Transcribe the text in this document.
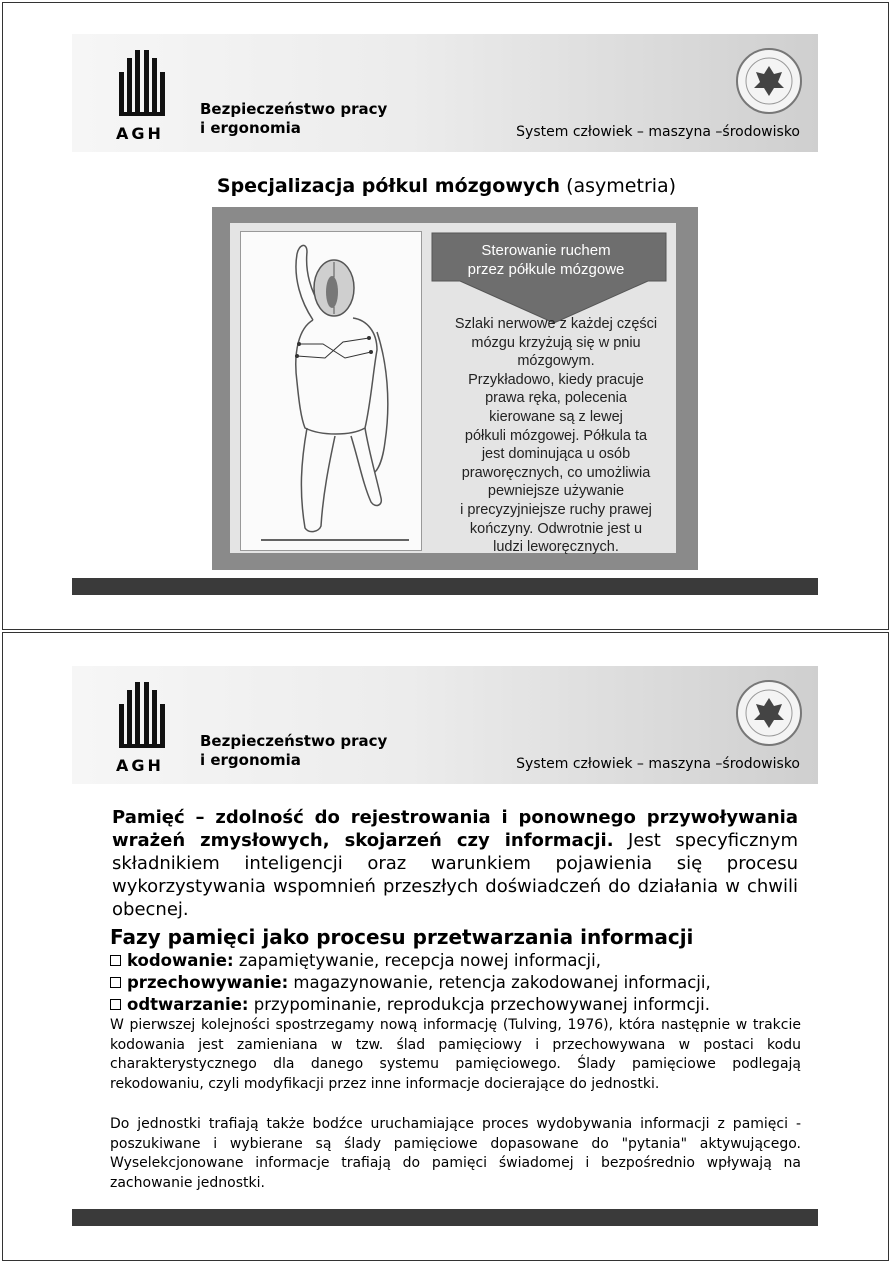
AGH
Bezpieczeństwo pracy
i ergonomia	System człowiek – maszyna –środowisko
Specjalizacja półkul mózgowych (asymetria)
Sterowanie ruchem przez półkule mózgowe
Szlaki nerwowe z każdej części
mózgu krzyżują się w pniu
mózgowym.
Przykładowo, kiedy pracuje
prawa ręka, polecenia
kierowane są z lewej
półkuli mózgowej. Półkula ta
jest dominująca u osób
praworęcznych, co umożliwia
pewniejsze używanie
i precyzyjniejsze ruchy prawej
kończyny. Odwrotnie jest u
ludzi leworęcznych.
AGH
Bezpieczeństwo pracy
i ergonomia	System człowiek – maszyna –środowisko
Pamięć – zdolność do rejestrowania i ponownego przywoływania wrażeń zmysłowych, skojarzeń czy informacji. Jest specyficznym składnikiem inteligencji oraz warunkiem pojawienia się procesu wykorzystywania wspomnień przeszłych doświadczeń do działania w chwili obecnej.
Fazy pamięci jako procesu przetwarzania informacji
kodowanie: zapamiętywanie, recepcja nowej informacji,
przechowywanie: magazynowanie, retencja zakodowanej informacji,
odtwarzanie: przypominanie, reprodukcja przechowywanej informcji.
W pierwszej kolejności spostrzegamy nową informację (Tulving, 1976), która następnie w trakcie kodowania jest zamieniana w tzw. ślad pamięciowy i przechowywana w postaci kodu charakterystycznego dla danego systemu pamięciowego. Ślady pamięciowe podlegają rekodowaniu, czyli modyfikacji przez inne informacje docierające do jednostki.
Do jednostki trafiają także bodźce uruchamiające proces wydobywania informacji z pamięci - poszukiwane i wybierane są ślady pamięciowe dopasowane do "pytania" aktywującego. Wyselekcjonowane informacje trafiają do pamięci świadomej i bezpośrednio wpływają na zachowanie jednostki.
